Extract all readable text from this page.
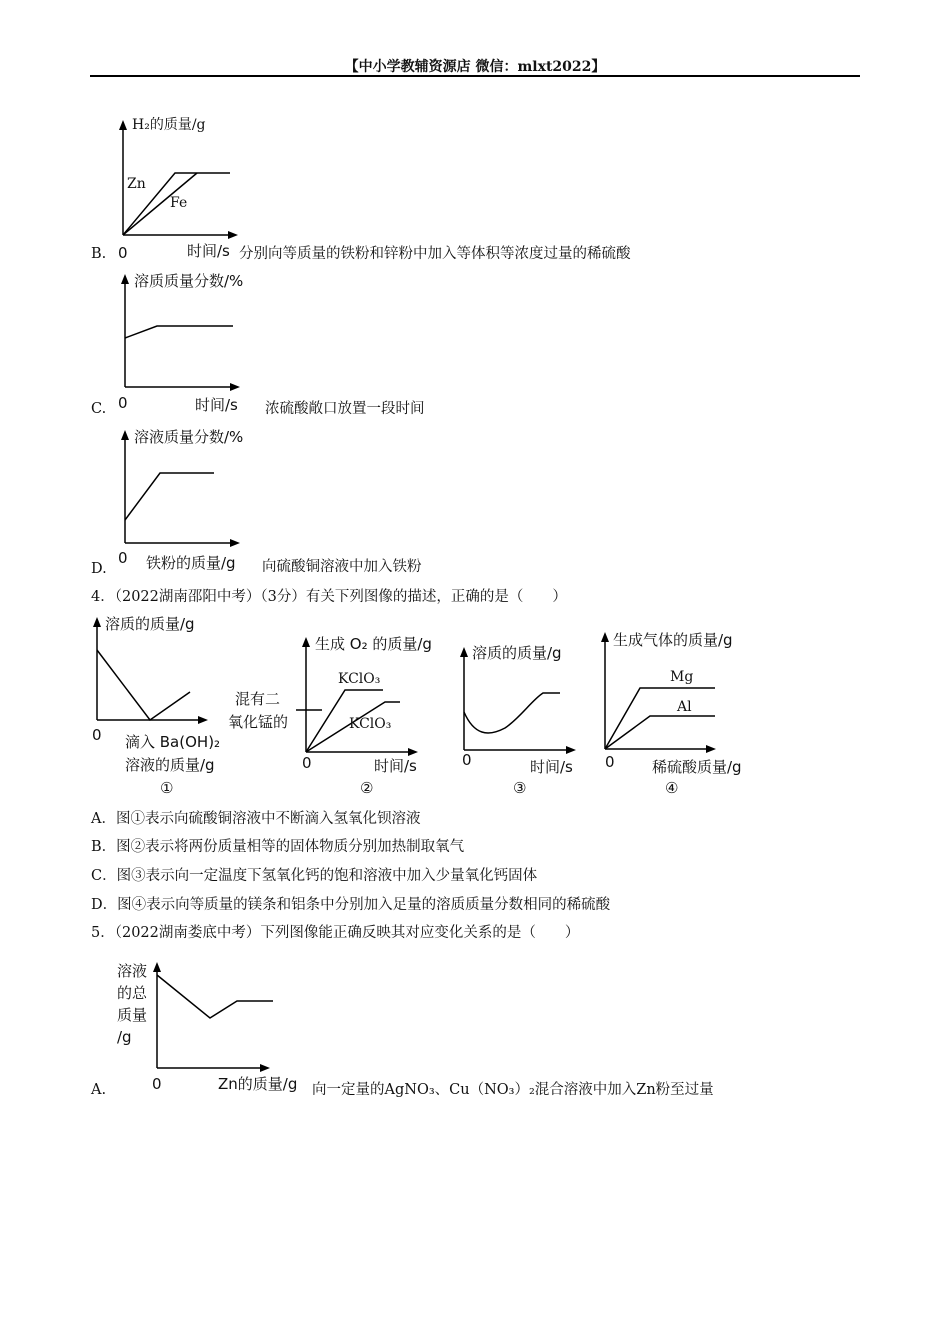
【中小学教辅资源店 微信：mlxt2022】
H₂的质量/g
Zn
Fe
B. 0	时间/s 分别向等质量的铁粉和锌粉中加入等体积等浓度过量的稀硫酸
溶质质量分数/%
C. 0	时间/s 浓硫酸敞口放置一段时间
溶液质量分数/%
D.
0 铁粉的质量/g 向硫酸铜溶液中加入铁粉
4．（2022湖南邵阳中考）（3分）有关下列图像的描述，正确的是（　　）
溶质的质量/g
0 滴入 Ba(OH)₂
溶液的质量/g
①
生成 O₂ 的质量/g
KClO₃
KClO₃
混有二
氧化锰的
0	时间/s
②
溶质的质量/g
0	时间/s
③
生成气体的质量/g
Mg
Al
0 稀硫酸质量/g
④
A．图①表示向硫酸铜溶液中不断滴入氢氧化钡溶液
B．图②表示将两份质量相等的固体物质分别加热制取氧气
C．图③表示向一定温度下氢氧化钙的饱和溶液中加入少量氧化钙固体
D．图④表示向等质量的镁条和铝条中分别加入足量的溶质质量分数相同的稀硫酸
5．（2022湖南娄底中考）下列图像能正确反映其对应变化关系的是（　　）
溶液
的总
质量
/g
A.	0	Zn的质量/g 向一定量的AgNO₃、Cu（NO₃）₂混合溶液中加入Zn粉至过量
